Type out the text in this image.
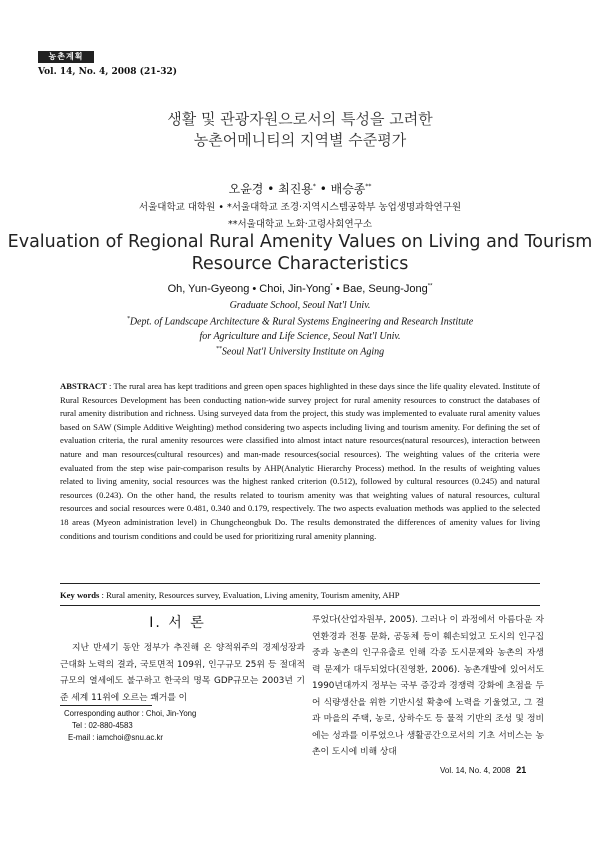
농촌계획
Vol. 14, No. 4, 2008 (21-32)
생활 및 관광자원으로서의 특성을 고려한
농촌어메니티의 지역별 수준평가
오윤경 • 최진용* • 배승종**
서울대학교 대학원 • *서울대학교 조경·지역시스템공학부 농업생명과학연구원
**서울대학교 노화·고령사회연구소
Evaluation of Regional Rural Amenity Values on Living and Tourism
Resource Characteristics
Oh, Yun-Gyeong • Choi, Jin-Yong* • Bae, Seung-Jong**
Graduate School, Seoul Nat'l Univ.
*Dept. of Landscape Architecture & Rural Systems Engineering and Research Institute
for Agriculture and Life Science, Seoul Nat'l Univ.
**Seoul Nat'l University Institute on Aging
ABSTRACT : The rural area has kept traditions and green open spaces highlighted in these days since the life quality elevated. Institute of Rural Resources Development has been conducting nation-wide survey project for rural amenity resources to construct the databases of rural amenity distribution and richness. Using surveyed data from the project, this study was implemented to evaluate rural amenity values based on SAW (Simple Additive Weighting) method considering two aspects including living and tourism amenity. For defining the set of evaluation criteria, the rural amenity resources were classified into almost intact nature resources(natural resources), interaction between nature and man resources(cultural resources) and man-made resources(social resources). The weighting values of the criteria were evaluated from the step wise pair-comparison results by AHP(Analytic Hierarchy Process) method. In the results of weighting values related to living amenity, social resources was the highest ranked criterion (0.512), followed by cultural resources (0.245) and natural resources (0.243). On the other hand, the results related to tourism amenity was that weighting values of natural resources, cultural resources and social resources were 0.481, 0.340 and 0.179, respectively. The two aspects evaluation methods was applied to the selected 18 areas (Myeon administration level) in Chungcheongbuk Do. The results demonstrated the differences of amenity values for living conditions and tourism conditions and could be used for prioritizing rural amenity planning.
Key words : Rural amenity, Resources survey, Evaluation, Living amenity, Tourism amenity, AHP
I. 서 론
지난 반세기 동안 정부가 추진해 온 양적위주의 경제성장과 근대화 노력의 결과, 국토면적 109위, 인구규모 25위 등 절대적 규모의 열세에도 불구하고 한국의 명목 GDP규모는 2003년 기준 세계 11위에 오르는 쾌거를 이
Corresponding author : Choi, Jin-Yong
Tel : 02-880-4583
E-mail : iamchoi@snu.ac.kr
루었다(산업자원부, 2005). 그러나 이 과정에서 아름다운 자연환경과 전통 문화, 공동체 등이 훼손되었고 도시의 인구집중과 농촌의 인구유출로 인해 각종 도시문제와 농촌의 자생력 문제가 대두되었다(진영환, 2006). 농촌개발에 있어서도 1990년대까지 정부는 국부 증강과 경쟁력 강화에 초점을 두어 식량생산을 위한 기반시설 확충에 노력을 기울였고, 그 결과 마을의 주택, 농로, 상하수도 등 물적 기반의 조성 및 정비에는 성과를 이루었으나 생활공간으로서의 기초 서비스는 농촌이 도시에 비해 상대
Vol. 14, No. 4, 2008 21
